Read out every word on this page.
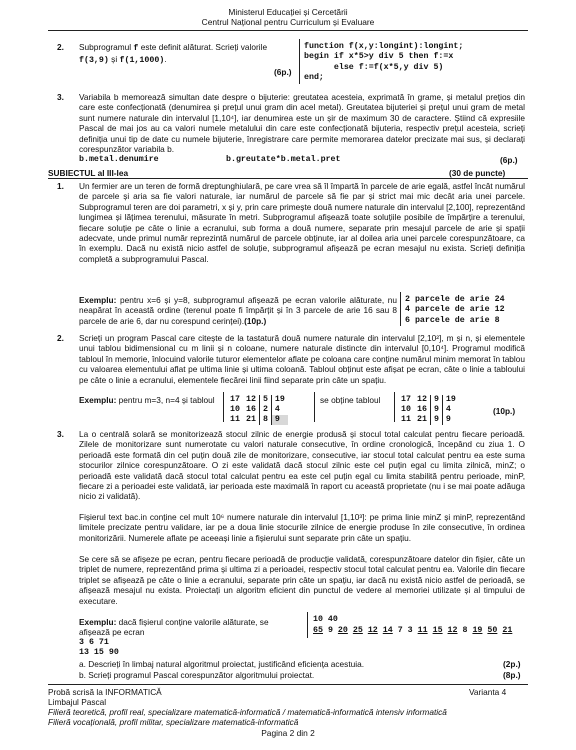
Ministerul Educației și Cercetării
Centrul Național pentru Curriculum și Evaluare
2. Subprogramul f este definit alăturat. Scrieți valorile
f(3,9) și f(1,1000).
(6p.)
function f(x,y:longint):longint;
begin if x*5>y div 5 then f:=x
else f:=f(x*5,y div 5)
end;
3. Variabila b memorează simultan date despre o bijuterie: greutatea acesteia, exprimată în grame, și metalul prețios din care este confecționată (denumirea și prețul unui gram din acel metal). Greutatea bijuteriei și prețul unui gram de metal sunt numere naturale din intervalul [1,10⁴], iar denumirea este un șir de maximum 30 de caractere. Știind că expresiile Pascal de mai jos au ca valori numele metalului din care este confecționată bijuteria, respectiv prețul acesteia, scrieți definiția unui tip de date cu numele bijuterie, înregistrare care permite memorarea datelor precizate mai sus, și declarați corespunzător variabila b.
b.metal.denumire	b.greutate*b.metal.pret	(6p.)
SUBIECTUL al III-lea	(30 de puncte)
1. Un fermier are un teren de formă dreptunghiulară, pe care vrea să îl împartă în parcele de arie egală, astfel încât numărul de parcele și aria sa fie valori naturale, iar numărul de parcele să fie par și strict mai mic decât aria unei parcele. Subprogramul teren are doi parametri, x și y, prin care primește două numere naturale din intervalul [2,100], reprezentând lungimea și lățimea terenului, măsurate în metri. Subprogramul afișează toate soluțiile posibile de împărțire a terenului, fiecare soluție pe câte o linie a ecranului, sub forma a două numere, separate prin mesajul parcele de arie și spații adecvate, unde primul număr reprezintă numărul de parcele obținute, iar al doilea aria unei parcele corespunzătoare, ca în exemplu. Dacă nu există nicio astfel de soluție, subprogramul afișează pe ecran mesajul nu exista. Scrieți definiția completă a subprogramului Pascal.
Exemplu: pentru x=6 și y=8, subprogramul afișează pe ecran valorile alăturate, nu neapărat în această ordine (terenul poate fi împărțit și în 3 parcele de arie 16 sau 8 parcele de arie 6, dar nu corespund cerinței).(10p.)
2 parcele de arie 24
4 parcele de arie 12
6 parcele de arie 8
2. Scrieți un program Pascal care citește de la tastatură două numere naturale din intervalul [2,10²], m și n, și elementele unui tablou bidimensional cu m linii și n coloane, numere naturale distincte din intervalul [0,10⁴]. Programul modifică tabloul în memorie, înlocuind valorile tuturor elementelor aflate pe coloana care conține numărul minim memorat în tablou cu valoarea elementului aflat pe ultima linie și ultima coloană. Tabloul obținut este afișat pe ecran, câte o linie a tabloului pe câte o linie a ecranului, elementele fiecărei linii fiind separate prin câte un spațiu.
Exemplu: pentru m=3, n=4 și tabloul	17	12	5	19
10	16	2	4
11	21	8	9
se obține tabloul	17	12	9	19
10	16	9	4
11	21	9	9
(10p.)
3. La o centrală solară se monitorizează stocul zilnic de energie produsă și stocul total calculat pentru fiecare perioadă. Zilele de monitorizare sunt numerotate cu valori naturale consecutive, în ordine cronologică, începând cu ziua 1. O perioadă este formată din cel puțin două zile de monitorizare, consecutive, iar stocul total calculat pentru ea este suma stocurilor zilnice corespunzătoare. O zi este validată dacă stocul zilnic este cel puțin egal cu limita zilnică, minZ; o perioadă este validată dacă stocul total calculat pentru ea este cel puțin egal cu limita stabilită pentru perioade, minP, fiecare zi a perioadei este validată, iar perioada este maximală în raport cu această proprietate (nu i se mai poate adăuga nicio zi validată).
Fișierul text bac.in conține cel mult 10⁶ numere naturale din intervalul [1,10³]: pe prima linie minZ și minP, reprezentând limitele precizate pentru validare, iar pe a doua linie stocurile zilnice de energie produse în zile consecutive, în ordinea monitorizării. Numerele aflate pe aceeași linie a fișierului sunt separate prin câte un spațiu.
Se cere să se afișeze pe ecran, pentru fiecare perioadă de producție validată, corespunzătoare datelor din fișier, câte un triplet de numere, reprezentând prima și ultima zi a perioadei, respectiv stocul total calculat pentru ea. Valorile din fiecare triplet se afișează pe câte o linie a ecranului, separate prin câte un spațiu, iar dacă nu există nicio astfel de perioadă, se afișează mesajul nu exista. Proiectați un algoritm eficient din punctul de vedere al memoriei utilizate și al timpului de executare.
Exemplu: dacă fișierul conține valorile alăturate, se afișează pe ecran
3 6 71
13 15 90
10 40
65 9 20 25 12 14 7 3 11 15 12 8 19 50 21
a. Descrieți în limbaj natural algoritmul proiectat, justificând eficiența acestuia.	(2p.)
b. Scrieți programul Pascal corespunzător algoritmului proiectat.	(8p.)
Probă scrisă la INFORMATICĂ	Varianta 4
Limbajul Pascal
Filieră teoretică, profil real, specializare matematică-informatică / matematică-informatică intensiv informatică
Filieră vocațională, profil militar, specializare matematică-informatică
Pagina 2 din 2
